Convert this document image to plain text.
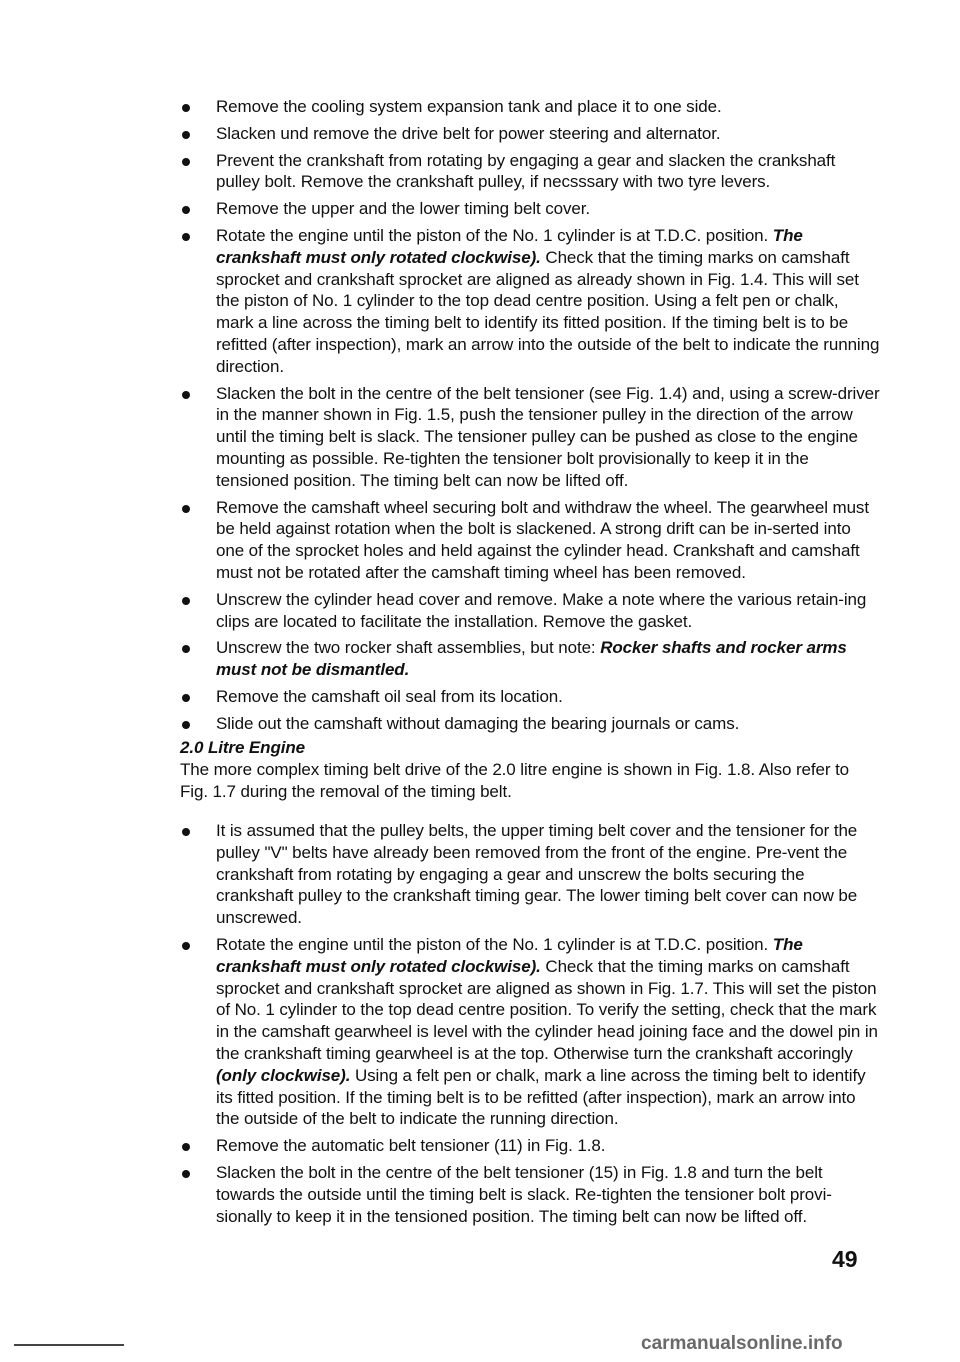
Remove the cooling system expansion tank and place it to one side.
Slacken und remove the drive belt for power steering and alternator.
Prevent the crankshaft from rotating by engaging a gear and slacken the crankshaft pulley bolt. Remove the crankshaft pulley, if necsssary with two tyre levers.
Remove the upper and the lower timing belt cover.
Rotate the engine until the piston of the No. 1 cylinder is at T.D.C. position. The crankshaft must only rotated clockwise). Check that the timing marks on camshaft sprocket and crankshaft sprocket are aligned as already shown in Fig. 1.4. This will set the piston of No. 1 cylinder to the top dead centre position. Using a felt pen or chalk, mark a line across the timing belt to identify its fitted position. If the timing belt is to be refitted (after inspection), mark an arrow into the outside of the belt to indicate the running direction.
Slacken the bolt in the centre of the belt tensioner (see Fig. 1.4) and, using a screw-driver in the manner shown in Fig. 1.5, push the tensioner pulley in the direction of the arrow until the timing belt is slack. The tensioner pulley can be pushed as close to the engine mounting as possible. Re-tighten the tensioner bolt provisionally to keep it in the tensioned position. The timing belt can now be lifted off.
Remove the camshaft wheel securing bolt and withdraw the wheel. The gearwheel must be held against rotation when the bolt is slackened. A strong drift can be in-serted into one of the sprocket holes and held against the cylinder head. Crankshaft and camshaft must not be rotated after the camshaft timing wheel has been removed.
Unscrew the cylinder head cover and remove. Make a note where the various retain-ing clips are located to facilitate the installation. Remove the gasket.
Unscrew the two rocker shaft assemblies, but note: Rocker shafts and rocker arms must not be dismantled.
Remove the camshaft oil seal from its location.
Slide out the camshaft without damaging the bearing journals or cams.
2.0 Litre Engine
The more complex timing belt drive of the 2.0 litre engine is shown in Fig. 1.8. Also refer to Fig. 1.7 during the removal of the timing belt.
It is assumed that the pulley belts, the upper timing belt cover and the tensioner for the pulley "V" belts have already been removed from the front of the engine. Pre-vent the crankshaft from rotating by engaging a gear and unscrew the bolts securing the crankshaft pulley to the crankshaft timing gear. The lower timing belt cover can now be unscrewed.
Rotate the engine until the piston of the No. 1 cylinder is at T.D.C. position. The crankshaft must only rotated clockwise). Check that the timing marks on camshaft sprocket and crankshaft sprocket are aligned as shown in Fig. 1.7. This will set the piston of No. 1 cylinder to the top dead centre position. To verify the setting, check that the mark in the camshaft gearwheel is level with the cylinder head joining face and the dowel pin in the crankshaft timing gearwheel is at the top. Otherwise turn the crankshaft accoringly (only clockwise). Using a felt pen or chalk, mark a line across the timing belt to identify its fitted position. If the timing belt is to be refitted (after inspection), mark an arrow into the outside of the belt to indicate the running direction.
Remove the automatic belt tensioner (11) in Fig. 1.8.
Slacken the bolt in the centre of the belt tensioner (15) in Fig. 1.8 and turn the belt towards the outside until the timing belt is slack. Re-tighten the tensioner bolt provi-sionally to keep it in the tensioned position. The timing belt can now be lifted off.
49
carmanualsonline.info
